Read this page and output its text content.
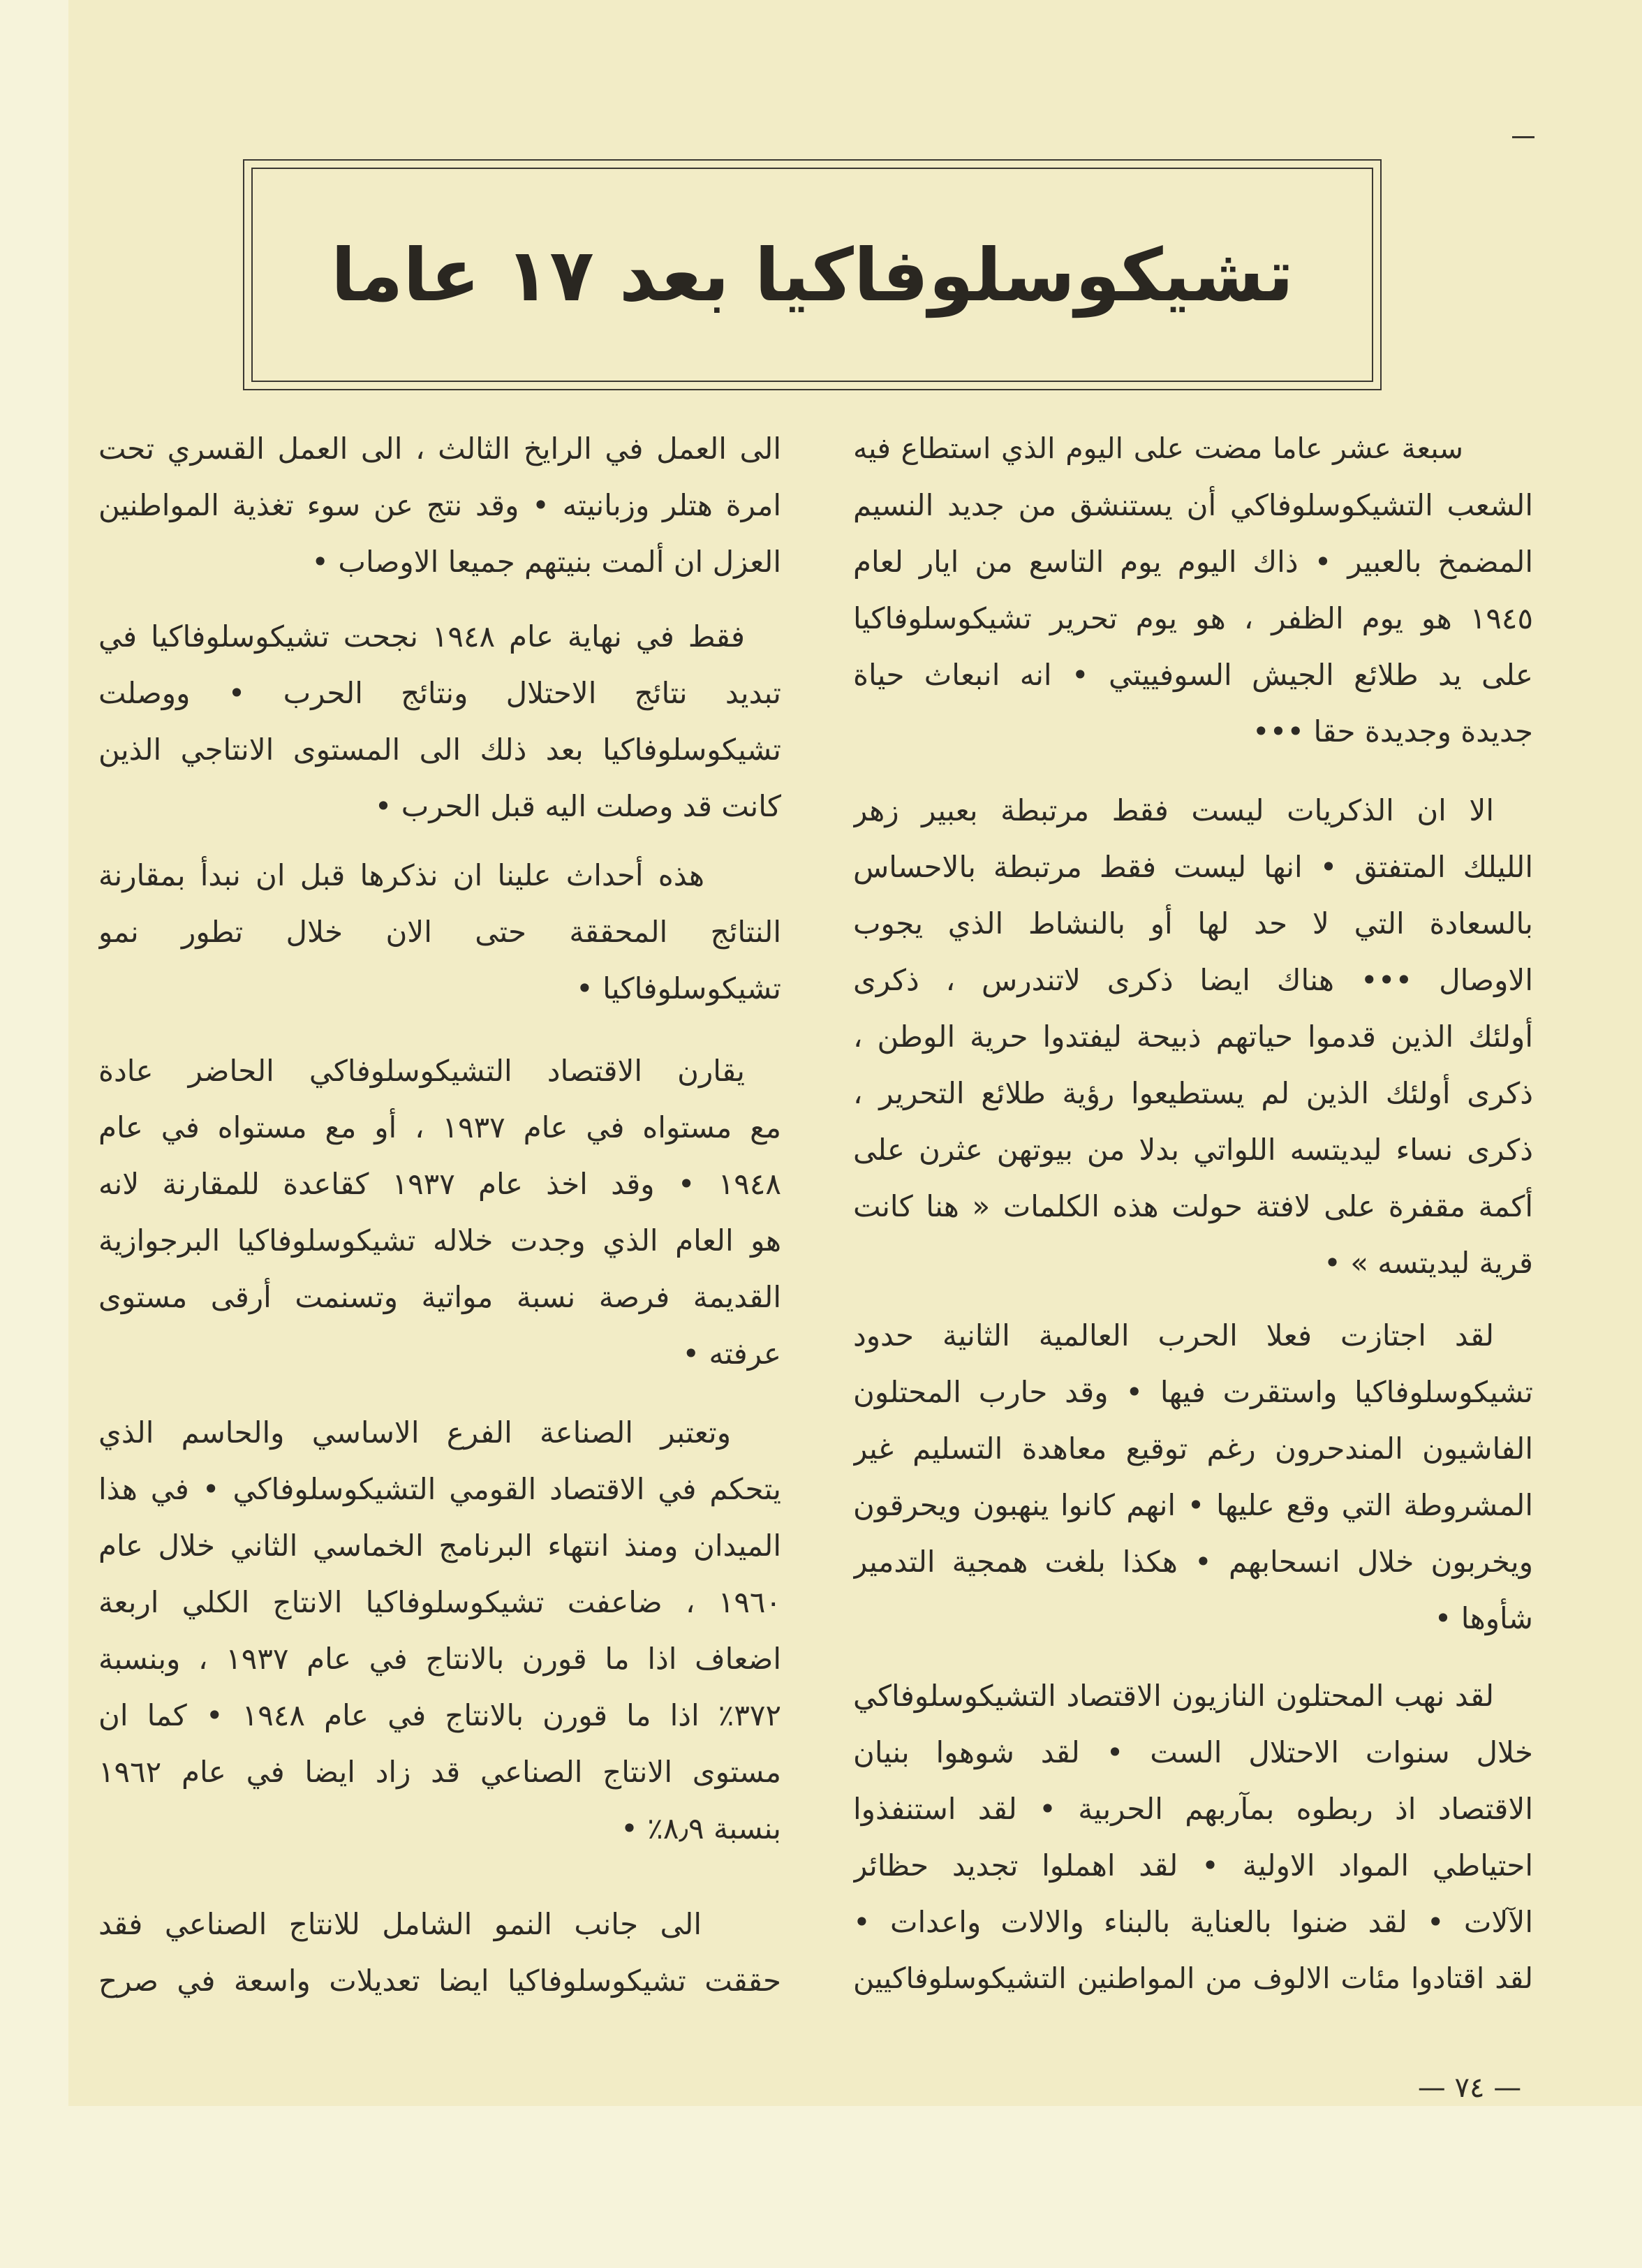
تشيكوسلوفاكيا بعد ١٧ عاما
سبعة عشر عاما مضت على اليوم الذي استطاع فيه
الشعب التشيكوسلوفاكي أن يستنشق من جديد النسيم
المضمخ بالعبير • ذاك اليوم يوم التاسع من ايار لعام
١٩٤٥ هو يوم الظفر ، هو يوم تحرير تشيكوسلوفاكيا
على يد طلائع الجيش السوفييتي • انه انبعاث حياة
جديدة وجديدة حقا •••
الا ان الذكريات ليست فقط مرتبطة بعبير زهر
الليلك المتفتق • انها ليست فقط مرتبطة بالاحساس
بالسعادة التي لا حد لها أو بالنشاط الذي يجوب
الاوصال ••• هناك ايضا ذكرى لاتندرس ، ذكرى
أولئك الذين قدموا حياتهم ذبيحة ليفتدوا حرية الوطن ،
ذكرى أولئك الذين لم يستطيعوا رؤية طلائع التحرير ،
ذكرى نساء ليديتسه اللواتي بدلا من بيوتهن عثرن على
أكمة مقفرة على لافتة حولت هذه الكلمات « هنا كانت
قرية ليديتسه » •
لقد اجتازت فعلا الحرب العالمية الثانية حدود
تشيكوسلوفاكيا واستقرت فيها • وقد حارب المحتلون
الفاشيون المندحرون رغم توقيع معاهدة التسليم غير
المشروطة التي وقع عليها • انهم كانوا ينهبون ويحرقون
ويخربون خلال انسحابهم • هكذا بلغت همجية التدمير
شأوها •
لقد نهب المحتلون النازيون الاقتصاد التشيكوسلوفاكي
خلال سنوات الاحتلال الست • لقد شوهوا بنيان
الاقتصاد اذ ربطوه بمآربهم الحربية • لقد استنفذوا
احتياطي المواد الاولية • لقد اهملوا تجديد حظائر
الآلات • لقد ضنوا بالعناية بالبناء والالات واعدات •
لقد اقتادوا مئات الالوف من المواطنين التشيكوسلوفاكيين
الى العمل في الرايخ الثالث ، الى العمل القسري تحت
امرة هتلر وزبانيته • وقد نتج عن سوء تغذية المواطنين
العزل ان ألمت بنيتهم جميعا الاوصاب •
فقط في نهاية عام ١٩٤٨ نجحت تشيكوسلوفاكيا في
تبديد نتائج الاحتلال ونتائج الحرب • ووصلت
تشيكوسلوفاكيا بعد ذلك الى المستوى الانتاجي الذين
كانت قد وصلت اليه قبل الحرب •
هذه أحداث علينا ان نذكرها قبل ان نبدأ بمقارنة
النتائج المحققة حتى الان خلال تطور نمو
تشيكوسلوفاكيا •
يقارن الاقتصاد التشيكوسلوفاكي الحاضر عادة
مع مستواه في عام ١٩٣٧ ، أو مع مستواه في عام
١٩٤٨ • وقد اخذ عام ١٩٣٧ كقاعدة للمقارنة لانه
هو العام الذي وجدت خلاله تشيكوسلوفاكيا البرجوازية
القديمة فرصة نسبة مواتية وتسنمت أرقى مستوى
عرفته •
وتعتبر الصناعة الفرع الاساسي والحاسم الذي
يتحكم في الاقتصاد القومي التشيكوسلوفاكي • في هذا
الميدان ومنذ انتهاء البرنامج الخماسي الثاني خلال عام
١٩٦٠ ، ضاعفت تشيكوسلوفاكيا الانتاج الكلي اربعة
اضعاف اذا ما قورن بالانتاج في عام ١٩٣٧ ، وبنسبة
٣٧٢٪ اذا ما قورن بالانتاج في عام ١٩٤٨ • كما ان
مستوى الانتاج الصناعي قد زاد ايضا في عام ١٩٦٢
بنسبة ٨٫٩٪ •
الى جانب النمو الشامل للانتاج الصناعي فقد
حققت تشيكوسلوفاكيا ايضا تعديلات واسعة في صرح
— ٧٤ —
